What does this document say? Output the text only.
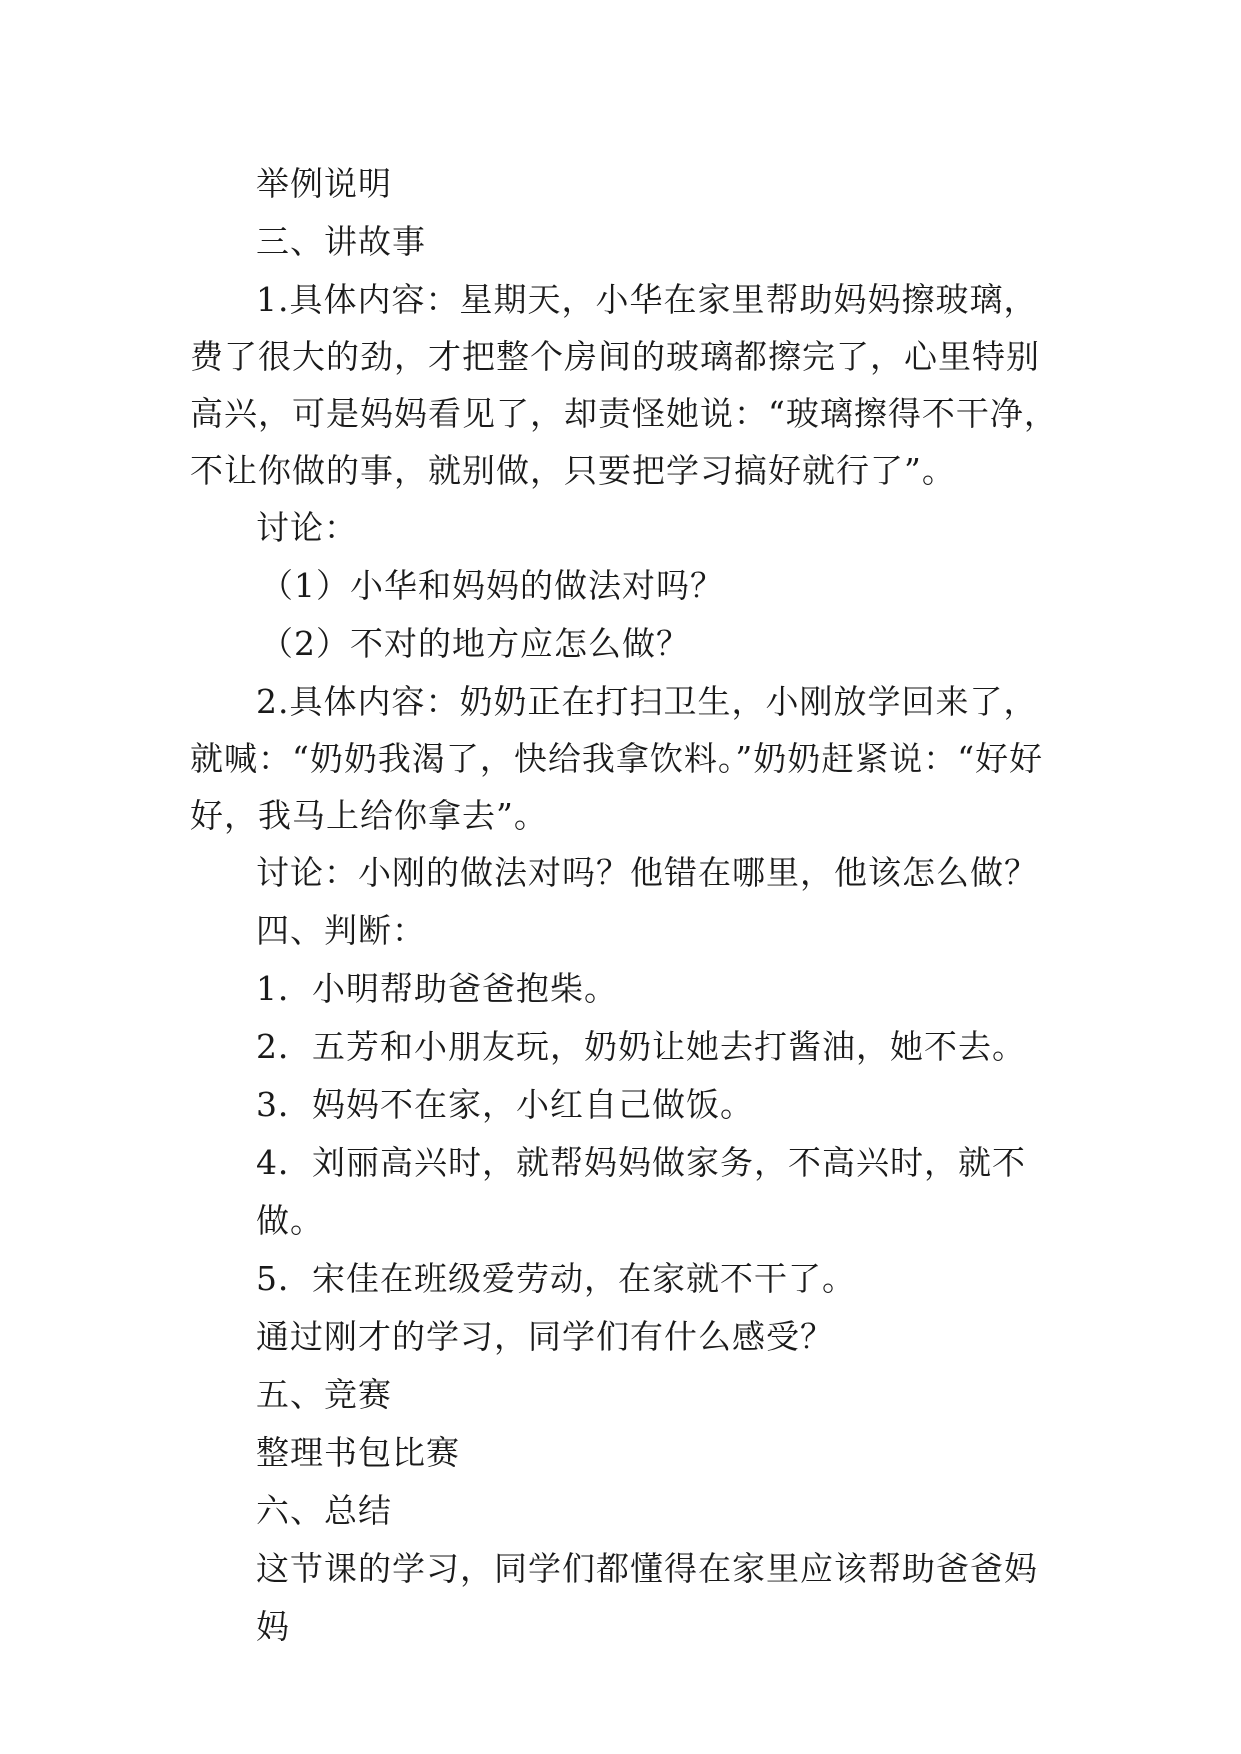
举例说明

三、讲故事

1.具体内容：星期天，小华在家里帮助妈妈擦玻璃，费了很大的劲，才把整个房间的玻璃都擦完了，心里特别高兴，可是妈妈看见了，却责怪她说：“玻璃擦得不干净，不让你做的事，就别做，只要把学习搞好就行了”。

讨论：

（1）小华和妈妈的做法对吗？

（2）不对的地方应怎么做？

2.具体内容：奶奶正在打扫卫生，小刚放学回来了，就喊：“奶奶我渴了，快给我拿饮料。”奶奶赶紧说：“好好好，我马上给你拿去”。

讨论：小刚的做法对吗？他错在哪里，他该怎么做？

四、判断：

1．小明帮助爸爸抱柴。

2．五芳和小朋友玩，奶奶让她去打酱油，她不去。

3．妈妈不在家，小红自己做饭。

4．刘丽高兴时，就帮妈妈做家务，不高兴时，就不做。

5．宋佳在班级爱劳动，在家就不干了。

通过刚才的学习，同学们有什么感受？

五、竞赛

整理书包比赛

六、总结

这节课的学习，同学们都懂得在家里应该帮助爸爸妈妈
